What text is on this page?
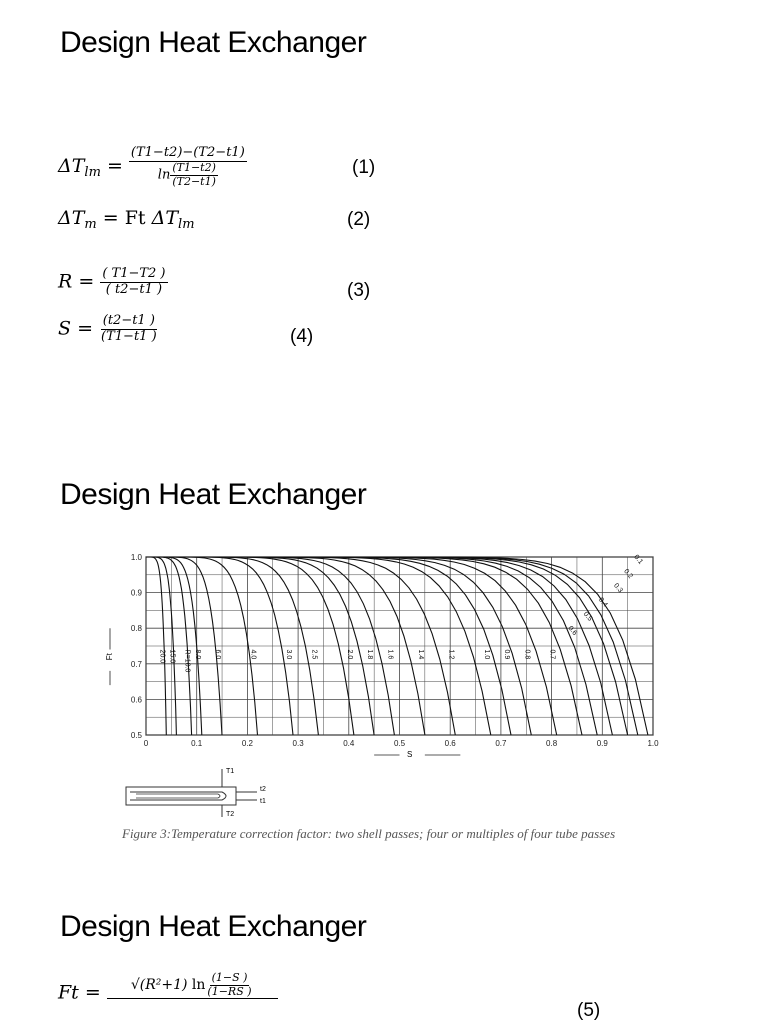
Design Heat Exchanger
$\Delta T_{lm} = \frac{(T1-t2)-(T2-t1)}{\ln \frac{(T1-t2)}{(T2-t1)}}$	(1)
$\Delta T_m = Ft$ $\Delta T_{lm}$	(2)
$R = \frac{( T1-T2 )}{( t2-t1 )}$	(3)
$S = \frac{(t2-t1 )}{(T1-t1 )}$	(4)
Design Heat Exchanger
0	0.1	0.2	0.3	0.4	0.5	0.6	0.7	0.8	0.9	1.0
0.5
0.6
0.7
0.8
0.9
1.0
S
Ft	20.0 15.0 R=10.0 8.0 6.0	4.0	3.0	2.5	2.0 1.8 1.6	1.4	1.2	1.0 0.9 0.8	0.7
0.6
0.5
0.4
0.3
0.2
0.1
T1
t2
t1
T2
Figure 3:Temperature correction factor: two shell passes; four or multiples of four tube passes
Design Heat Exchanger
Ft =	√(R²+1) $\ln \frac{(1-S )}{(1-RS )}$

(5)
